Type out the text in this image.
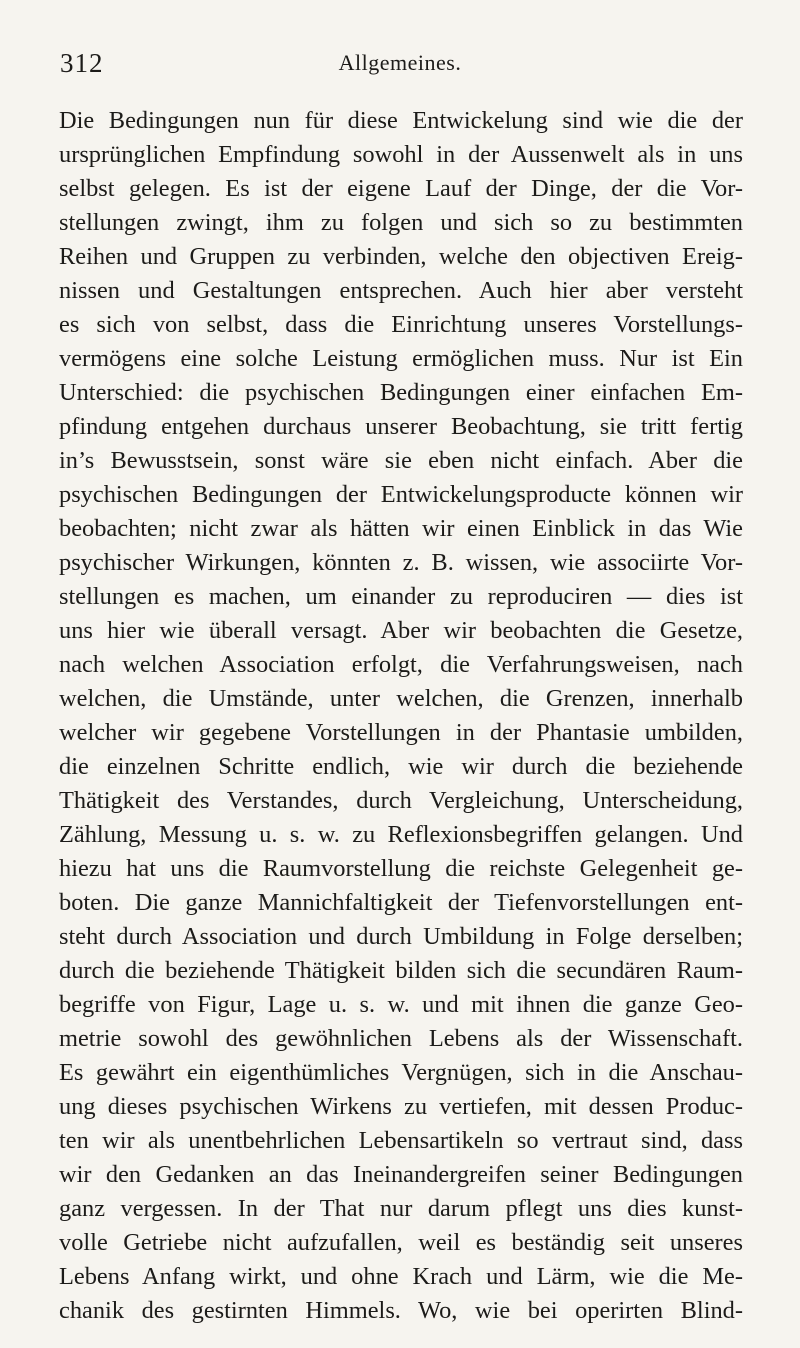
312	Allgemeines.
Die Bedingungen nun für diese Entwickelung sind wie die der
ursprünglichen Empfindung sowohl in der Aussenwelt als in uns
selbst gelegen. Es ist der eigene Lauf der Dinge, der die Vor-
stellungen zwingt, ihm zu folgen und sich so zu bestimmten
Reihen und Gruppen zu verbinden, welche den objectiven Ereig-
nissen und Gestaltungen entsprechen. Auch hier aber versteht
es sich von selbst, dass die Einrichtung unseres Vorstellungs-
vermögens eine solche Leistung ermöglichen muss. Nur ist Ein
Unterschied: die psychischen Bedingungen einer einfachen Em-
pfindung entgehen durchaus unserer Beobachtung, sie tritt fertig
in’s Bewusstsein, sonst wäre sie eben nicht einfach. Aber die
psychischen Bedingungen der Entwickelungsproducte können wir
beobachten; nicht zwar als hätten wir einen Einblick in das Wie
psychischer Wirkungen, könnten z. B. wissen, wie associirte Vor-
stellungen es machen, um einander zu reproduciren — dies ist
uns hier wie überall versagt. Aber wir beobachten die Gesetze,
nach welchen Association erfolgt, die Verfahrungsweisen, nach
welchen, die Umstände, unter welchen, die Grenzen, innerhalb
welcher wir gegebene Vorstellungen in der Phantasie umbilden,
die einzelnen Schritte endlich, wie wir durch die beziehende
Thätigkeit des Verstandes, durch Vergleichung, Unterscheidung,
Zählung, Messung u. s. w. zu Reflexionsbegriffen gelangen. Und
hiezu hat uns die Raumvorstellung die reichste Gelegenheit ge-
boten. Die ganze Mannichfaltigkeit der Tiefenvorstellungen ent-
steht durch Association und durch Umbildung in Folge derselben;
durch die beziehende Thätigkeit bilden sich die secundären Raum-
begriffe von Figur, Lage u. s. w. und mit ihnen die ganze Geo-
metrie sowohl des gewöhnlichen Lebens als der Wissenschaft.
Es gewährt ein eigenthümliches Vergnügen, sich in die Anschau-
ung dieses psychischen Wirkens zu vertiefen, mit dessen Produc-
ten wir als unentbehrlichen Lebensartikeln so vertraut sind, dass
wir den Gedanken an das Ineinandergreifen seiner Bedingungen
ganz vergessen. In der That nur darum pflegt uns dies kunst-
volle Getriebe nicht aufzufallen, weil es beständig seit unseres
Lebens Anfang wirkt, und ohne Krach und Lärm, wie die Me-
chanik des gestirnten Himmels. Wo, wie bei operirten Blind-
